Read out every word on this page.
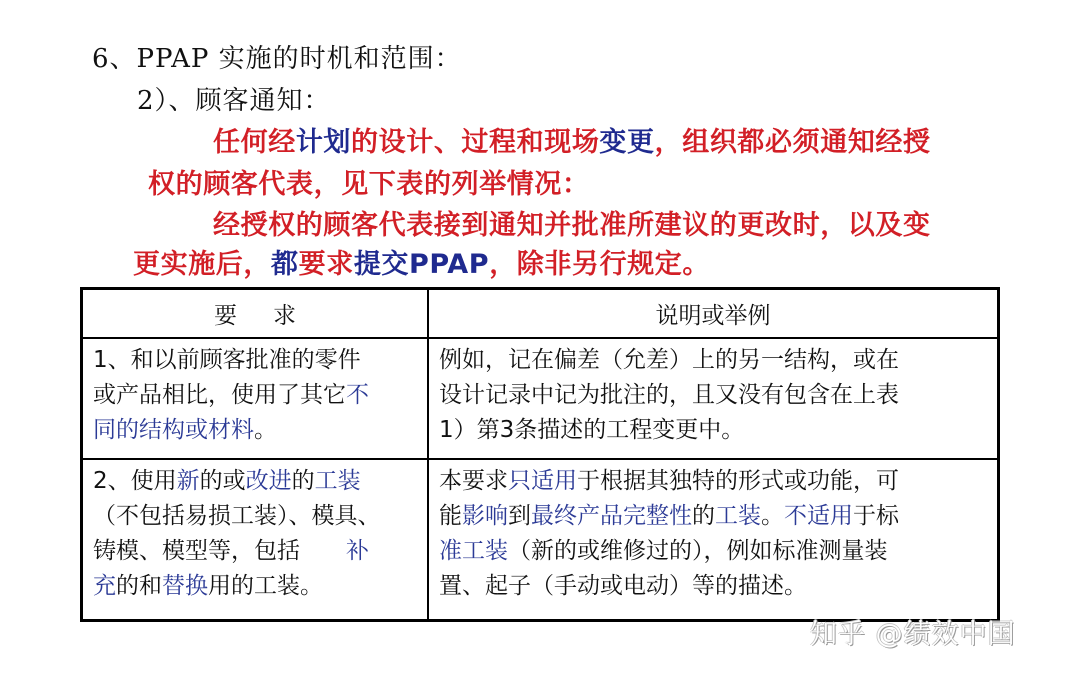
6、PPAP 实施的时机和范围：
2）、顾客通知：
任何经计划的设计、过程和现场变更，组织都必须通知经授
权的顾客代表，见下表的列举情况：
经授权的顾客代表接到通知并批准所建议的更改时，以及变
更实施后，都要求提交PPAP，除非另行规定。
要求	说明或举例
1、和以前顾客批准的零件
或产品相比，使用了其它不
同的结构或材料。
例如，记在偏差（允差）上的另一结构，或在
设计记录中记为批注的，且又没有包含在上表
1）第3条描述的工程变更中。
2、使用新的或改进的工装
（不包括易损工装）、模具、
铸模、模型等，包括　　补
充的和替换用的工装。
本要求只适用于根据其独特的形式或功能，可
能影响到最终产品完整性的工装。不适用于标
准工装（新的或维修过的），例如标准测量装
置、起子（手动或电动）等的描述。
知乎 @绩效中国
